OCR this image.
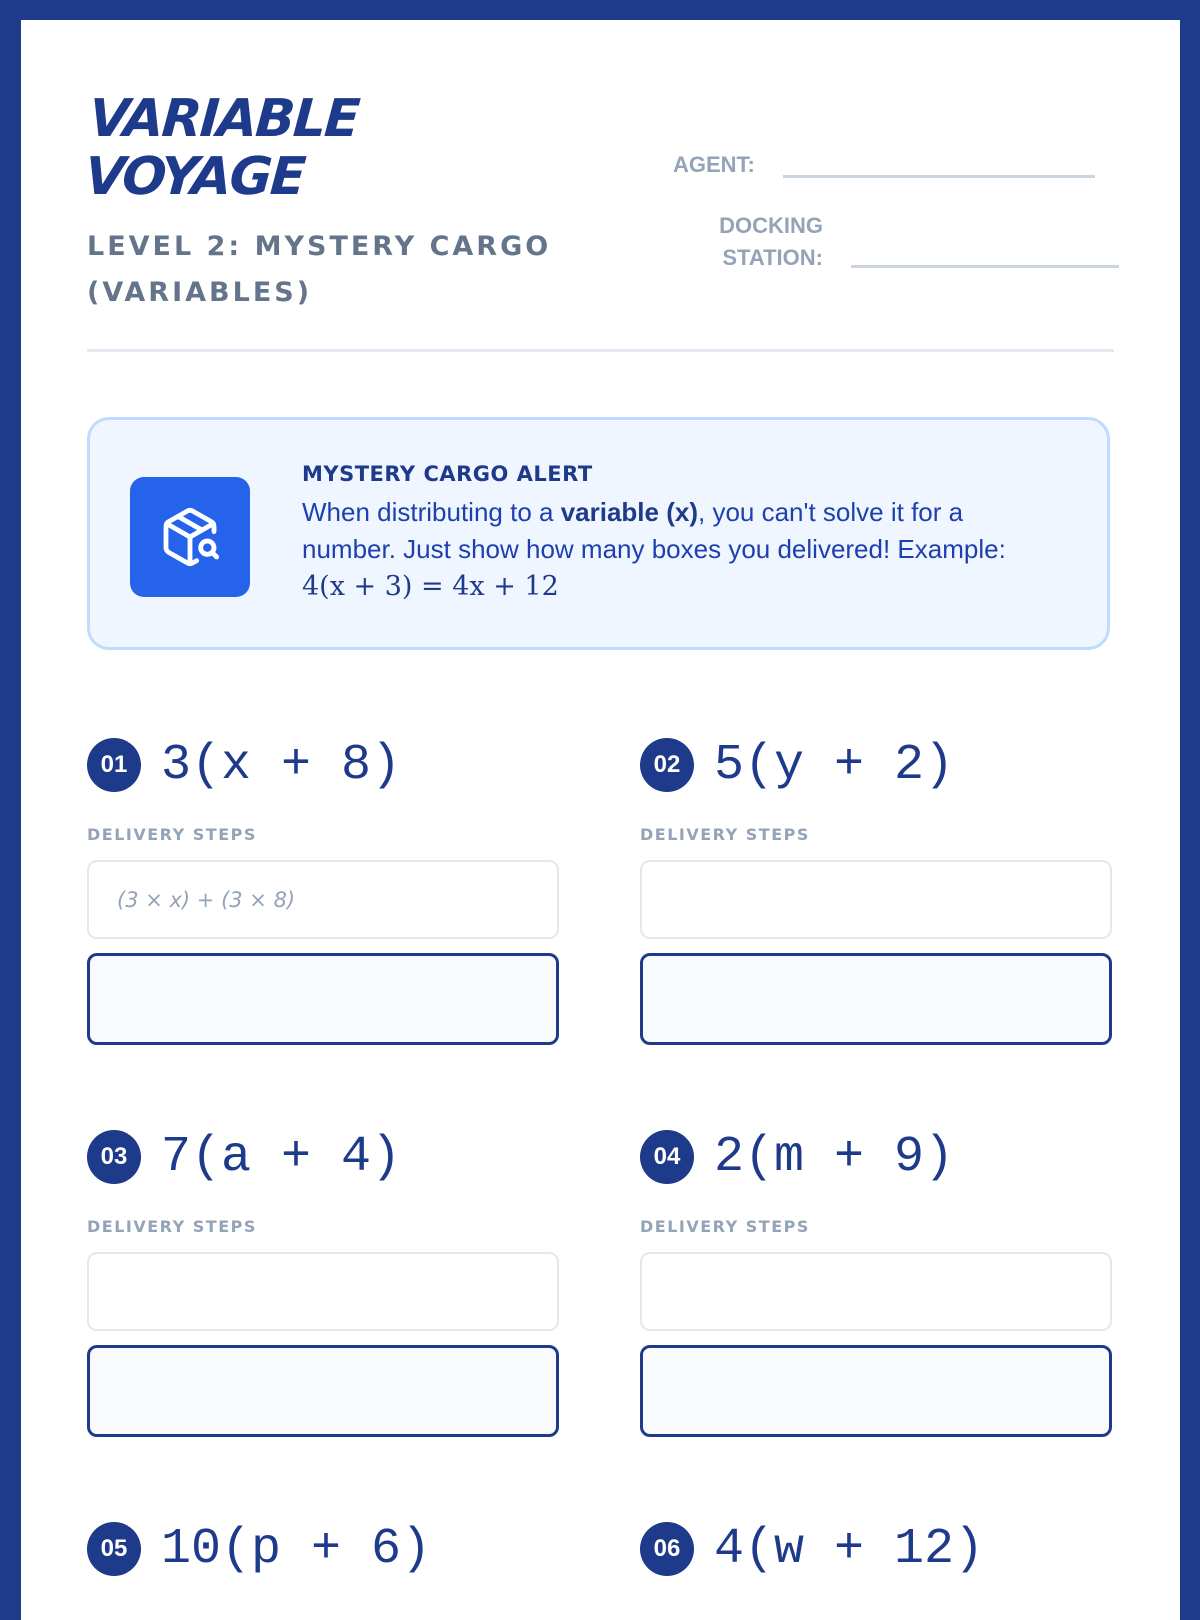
VARIABLE
VOYAGE
LEVEL 2: MYSTERY CARGO (VARIABLES)
AGENT:
DOCKING
STATION:
MYSTERY CARGO ALERT
When distributing to a variable (x), you can't solve it for a number. Just show how many boxes you delivered! Example:
4(x + 3) = 4x + 12
01 3(x + 8)
DELIVERY STEPS
(3 × x) + (3 × 8)
02 5(y + 2)
DELIVERY STEPS
03 7(a + 4)
DELIVERY STEPS
04 2(m + 9)
DELIVERY STEPS
05 10(p + 6)	06 4(w + 12)
